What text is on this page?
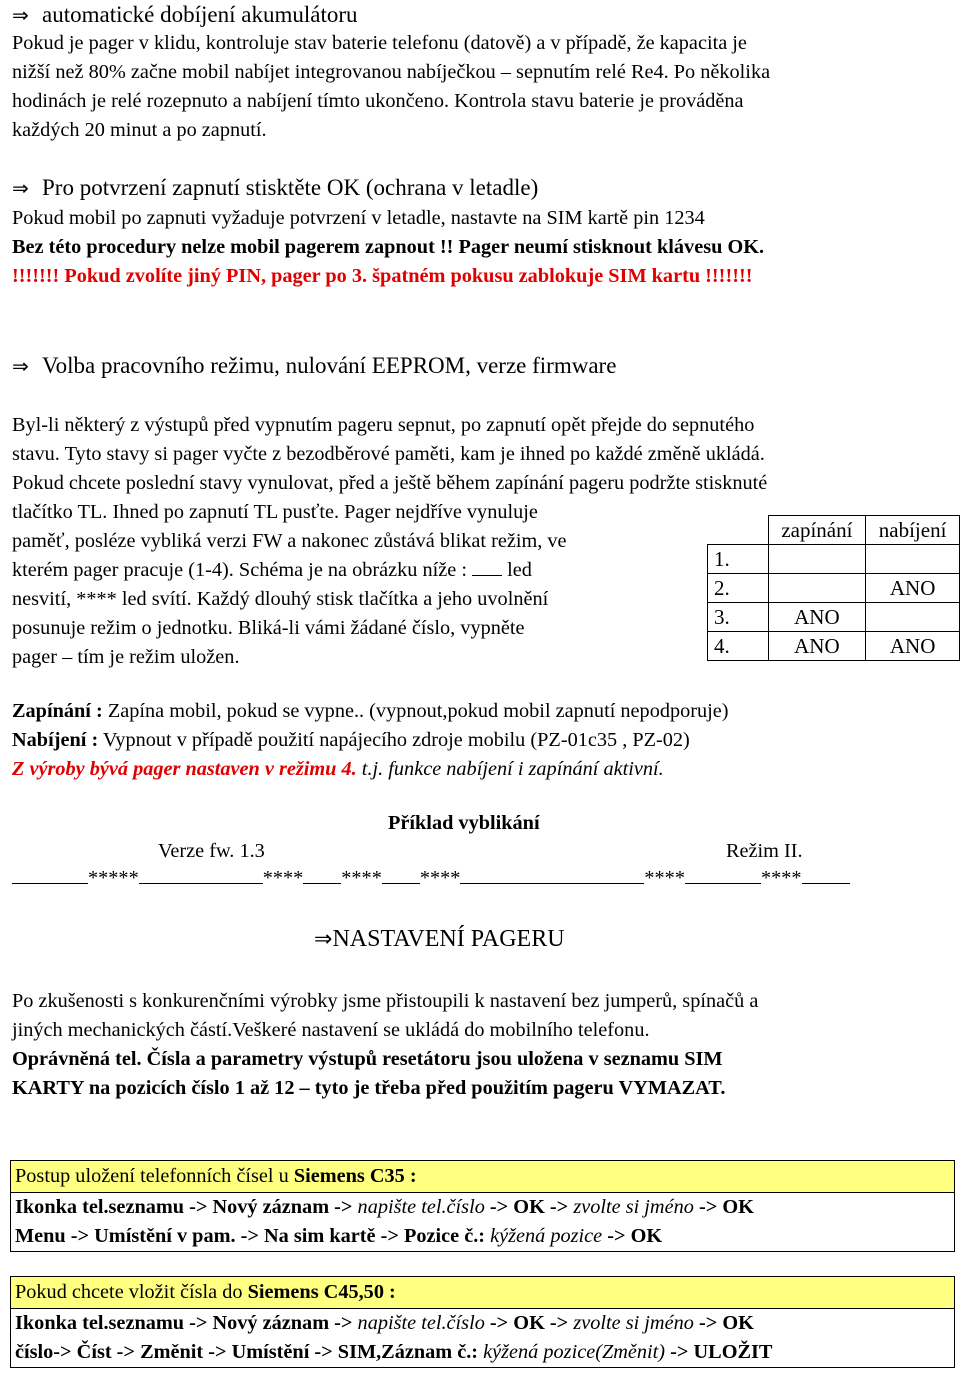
⇒ automatické dobíjení akumulátoru
Pokud je pager v klidu, kontroluje stav baterie telefonu (datově) a v případě, že kapacita je
nižší než 80% začne mobil nabíjet integrovanou nabíječkou – sepnutím relé Re4. Po několika
hodinách je relé rozepnuto a nabíjení tímto ukončeno. Kontrola stavu baterie je prováděna
každých 20 minut a po zapnutí.
⇒ Pro potvrzení zapnutí stisktěte OK (ochrana v letadle)
Pokud mobil po zapnuti vyžaduje potvrzení v letadle, nastavte na SIM kartě pin 1234
Bez této procedury nelze mobil pagerem zapnout !! Pager neumí stisknout klávesu OK.
!!!!!!! Pokud zvolíte jiný PIN, pager po 3. špatném pokusu zablokuje SIM kartu !!!!!!!
⇒ Volba pracovního režimu, nulování EEPROM, verze firmware
Byl-li některý z výstupů před vypnutím pageru sepnut, po zapnutí opět přejde do sepnutého
stavu. Tyto stavy si pager vyčte z bezodběrové paměti, kam je ihned po každé změně ukládá.
Pokud chcete poslední stavy vynulovat, před a ještě během zapínání pageru podržte stisknuté
tlačítko TL. Ihned po zapnutí TL pusťte. Pager nejdříve vynuluje
paměť, posléze vybliká verzi FW a nakonec zůstává blikat režim, ve
kterém pager pracuje (1-4). Schéma je na obrázku níže :  led
nesvití, **** led svítí. Každý dlouhý stisk tlačítka a jeho uvolnění
posunuje režim o jednotku. Bliká-li vámi žádané číslo, vypněte
pager – tím je režim uložen.
	zapínání	nabíjení
1.		
2.		ANO
3.	ANO	
4.	ANO	ANO
Zapínání : Zapína mobil, pokud se vypne.. (vypnout,pokud mobil zapnutí nepodporuje)
Nabíjení : Vypnout v případě použití napájecího zdroje mobilu (PZ-01c35 , PZ-02)
Z výroby bývá pager nastaven v režimu 4. t.j. funkce nabíjení i zapínání aktivní.
Příklad vyblikání
Verze fw. 1.3	Režim II.
*****	**** **** ****	****	****
⇒NASTAVENÍ PAGERU
Po zkušenosti s konkurenčními výrobky jsme přistoupili k nastavení bez jumperů, spínačů a
jiných mechanických částí.Veškeré nastavení se ukládá do mobilního telefonu.
Oprávněná tel. Čísla a parametry výstupů resetátoru jsou uložena v seznamu SIM
KARTY na pozicích číslo 1 až 12 – tyto je třeba před použitím pageru VYMAZAT.
Postup uložení telefonních čísel u Siemens C35 :
Ikonka tel.seznamu -> Nový záznam -> napište tel.číslo -> OK -> zvolte si jméno -> OK
Menu -> Umístění v pam. -> Na sim kartě -> Pozice č.: kýžená pozice -> OK
Pokud chcete vložit čísla do Siemens C45,50 :
Ikonka tel.seznamu -> Nový záznam -> napište tel.číslo -> OK -> zvolte si jméno -> OK
číslo-> Číst -> Změnit -> Umístění -> SIM,Záznam č.: kýžená pozice(Změnit) -> ULOŽIT
